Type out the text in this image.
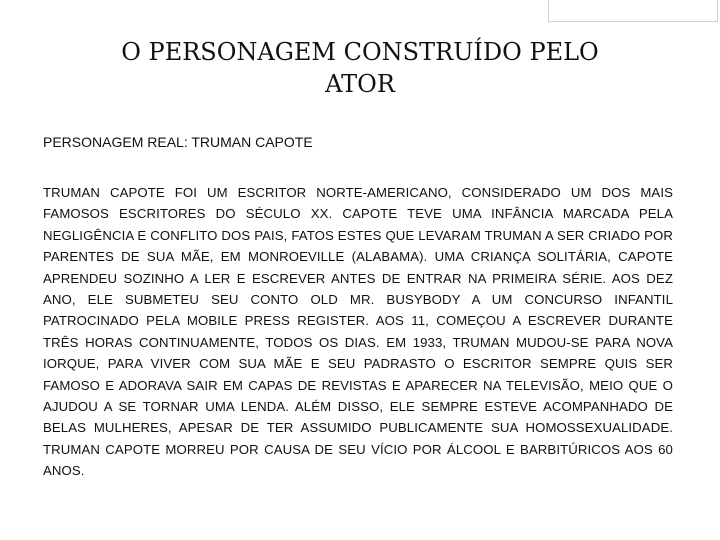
O PERSONAGEM CONSTRUÍDO PELO
ATOR
PERSONAGEM REAL: TRUMAN CAPOTE

TRUMAN CAPOTE FOI UM ESCRITOR NORTE-AMERICANO, CONSIDERADO UM DOS MAIS FAMOSOS ESCRITORES DO SÉCULO XX. CAPOTE TEVE UMA INFÂNCIA MARCADA PELA NEGLIGÊNCIA E CONFLITO DOS PAIS, FATOS ESTES QUE LEVARAM TRUMAN A SER CRIADO POR PARENTES DE SUA MÃE, EM MONROEVILLE (ALABAMA). UMA CRIANÇA SOLITÁRIA, CAPOTE APRENDEU SOZINHO A LER E ESCREVER ANTES DE ENTRAR NA PRIMEIRA SÉRIE. AOS DEZ ANO, ELE SUBMETEU SEU CONTO OLD MR. BUSYBODY A UM CONCURSO INFANTIL PATROCINADO PELA MOBILE PRESS REGISTER. AOS 11, COMEÇOU A ESCREVER DURANTE TRÊS HORAS CONTINUAMENTE, TODOS OS DIAS. EM 1933, TRUMAN MUDOU-SE PARA NOVA IORQUE, PARA VIVER COM SUA MÃE E SEU PADRASTO O ESCRITOR SEMPRE QUIS SER FAMOSO E ADORAVA SAIR EM CAPAS DE REVISTAS E APARECER NA TELEVISÃO, MEIO QUE O AJUDOU A SE TORNAR UMA LENDA. ALÉM DISSO, ELE SEMPRE ESTEVE ACOMPANHADO DE BELAS MULHERES, APESAR DE TER ASSUMIDO PUBLICAMENTE SUA HOMOSSEXUALIDADE. TRUMAN CAPOTE MORREU POR CAUSA DE SEU VÍCIO POR ÁLCOOL E BARBITÚRICOS AOS 60 ANOS.
